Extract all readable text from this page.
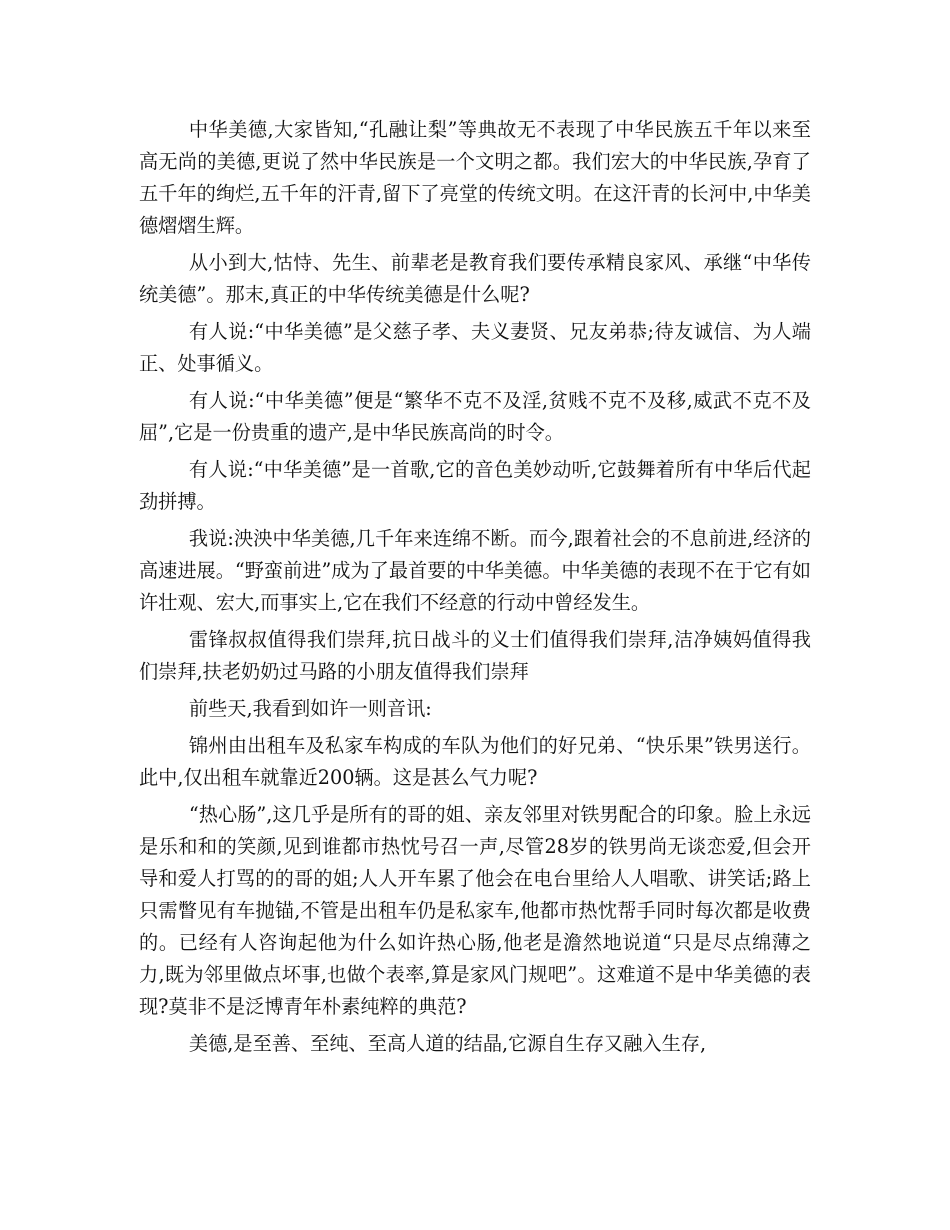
中华美德,大家皆知,“孔融让梨”等典故无不表现了中华民族五千年以来至高无尚的美德,更说了然中华民族是一个文明之都。我们宏大的中华民族,孕育了五千年的绚烂,五千年的汗青,留下了亮堂的传统文明。在这汗青的长河中,中华美德熠熠生辉。

从小到大,怙恃、先生、前辈老是教育我们要传承精良家风、承继“中华传统美德”。那末,真正的中华传统美德是什么呢?

有人说:“中华美德”是父慈子孝、夫义妻贤、兄友弟恭;待友诚信、为人端正、处事循义。

有人说:“中华美德”便是“繁华不克不及淫,贫贱不克不及移,威武不克不及屈”,它是一份贵重的遗产,是中华民族高尚的时令。

有人说:“中华美德”是一首歌,它的音色美妙动听,它鼓舞着所有中华后代起劲拼搏。

我说:泱泱中华美德,几千年来连绵不断。而今,跟着社会的不息前进,经济的高速进展。“野蛮前进”成为了最首要的中华美德。中华美德的表现不在于它有如许壮观、宏大,而事实上,它在我们不经意的行动中曾经发生。

雷锋叔叔值得我们崇拜,抗日战斗的义士们值得我们崇拜,洁净姨妈值得我们崇拜,扶老奶奶过马路的小朋友值得我们崇拜

前些天,我看到如许一则音讯:

锦州由出租车及私家车构成的车队为他们的好兄弟、“快乐果”铁男送行。此中,仅出租车就靠近200辆。这是甚么气力呢?

“热心肠”,这几乎是所有的哥的姐、亲友邻里对铁男配合的印象。脸上永远是乐和和的笑颜,见到谁都市热忱号召一声,尽管28岁的铁男尚无谈恋爱,但会开导和爱人打骂的的哥的姐;人人开车累了他会在电台里给人人唱歌、讲笑话;路上只需瞥见有车抛锚,不管是出租车仍是私家车,他都市热忱帮手同时每次都是收费的。已经有人咨询起他为什么如许热心肠,他老是澹然地说道“只是尽点绵薄之力,既为邻里做点坏事,也做个表率,算是家风门规吧”。这难道不是中华美德的表现?莫非不是泛博青年朴素纯粹的典范?

美德,是至善、至纯、至高人道的结晶,它源自生存又融入生存,
